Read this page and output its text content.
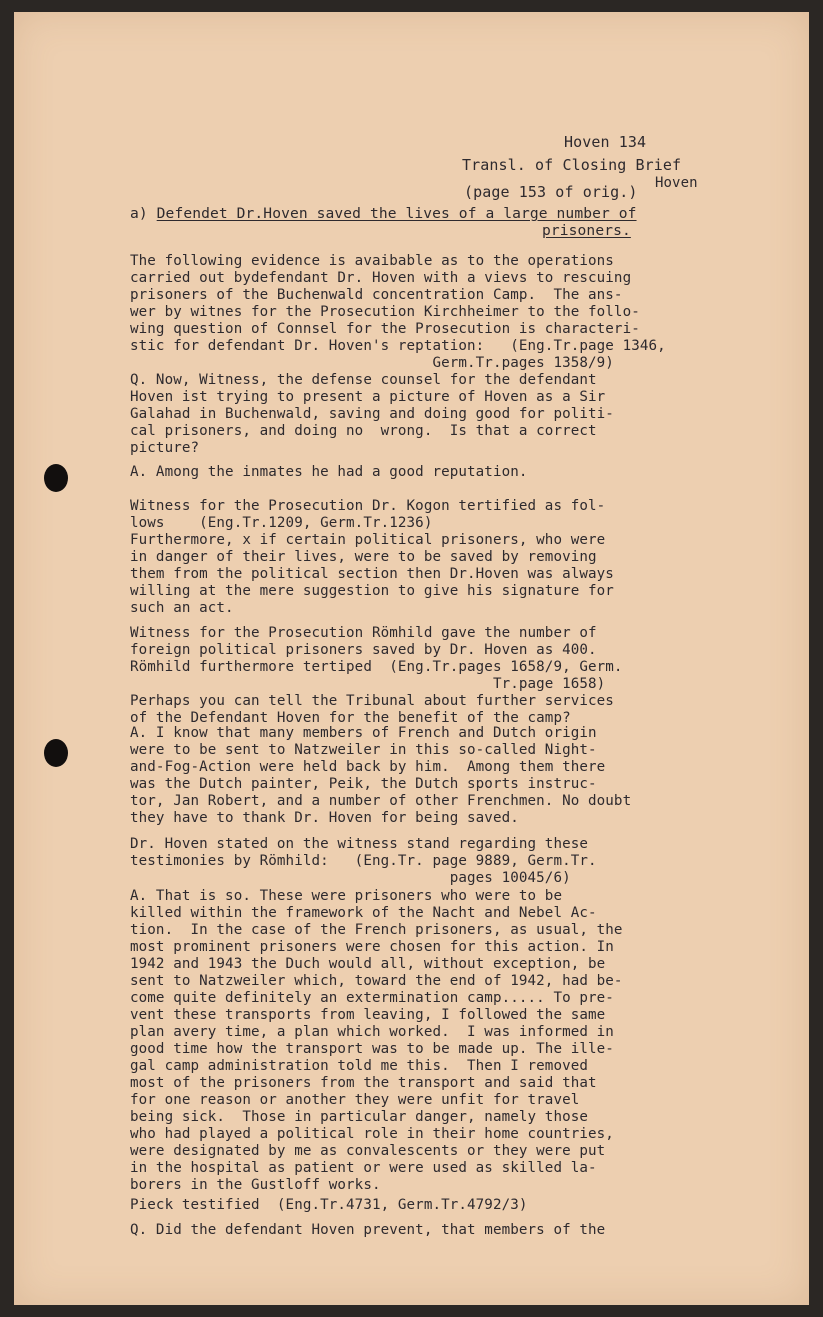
Hoven 134
Transl. of Closing Brief
Hoven
(page 153 of orig.)
a) Defendet Dr.Hoven saved the lives of a large number of
prisoners.
The following evidence is avaibable as to the operations
carried out bydefendant Dr. Hoven with a vievs to rescuing
prisoners of the Buchenwald concentration Camp.  The ans-
wer by witnes for the Prosecution Kirchheimer to the follo-
wing question of Connsel for the Prosecution is characteri-
stic for defendant Dr. Hoven's reptation:   (Eng.Tr.page 1346,
Germ.Tr.pages 1358/9)
Q. Now, Witness, the defense counsel for the defendant
Hoven ist trying to present a picture of Hoven as a Sir
Galahad in Buchenwald, saving and doing good for politi-
cal prisoners, and doing no  wrong.  Is that a correct
picture?
A. Among the inmates he had a good reputation.
Witness for the Prosecution Dr. Kogon tertified as fol-
lows    (Eng.Tr.1209, Germ.Tr.1236)
Furthermore, x if certain political prisoners, who were
in danger of their lives, were to be saved by removing
them from the political section then Dr.Hoven was always
willing at the mere suggestion to give his signature for
such an act.
Witness for the Prosecution Römhild gave the number of
foreign political prisoners saved by Dr. Hoven as 400.
Römhild furthermore tertiped  (Eng.Tr.pages 1658/9, Germ.
Tr.page 1658)
Perhaps you can tell the Tribunal about further services
of the Defendant Hoven for the benefit of the camp?
A. I know that many members of French and Dutch origin
were to be sent to Natzweiler in this so-called Night-
and-Fog-Action were held back by him.  Among them there
was the Dutch painter, Peik, the Dutch sports instruc-
tor, Jan Robert, and a number of other Frenchmen. No doubt
they have to thank Dr. Hoven for being saved.
Dr. Hoven stated on the witness stand regarding these
testimonies by Römhild:   (Eng.Tr. page 9889, Germ.Tr.
pages 10045/6)
A. That is so. These were prisoners who were to be
killed within the framework of the Nacht and Nebel Ac-
tion.  In the case of the French prisoners, as usual, the
most prominent prisoners were chosen for this action. In
1942 and 1943 the Duch would all, without exception, be
sent to Natzweiler which, toward the end of 1942, had be-
come quite definitely an extermination camp..... To pre-
vent these transports from leaving, I followed the same
plan avery time, a plan which worked.  I was informed in
good time how the transport was to be made up. The ille-
gal camp administration told me this.  Then I removed
most of the prisoners from the transport and said that
for one reason or another they were unfit for travel
being sick.  Those in particular danger, namely those
who had played a political role in their home countries,
were designated by me as convalescents or they were put
in the hospital as patient or were used as skilled la-
borers in the Gustloff works.
Pieck testified  (Eng.Tr.4731, Germ.Tr.4792/3)
Q. Did the defendant Hoven prevent, that members of the
